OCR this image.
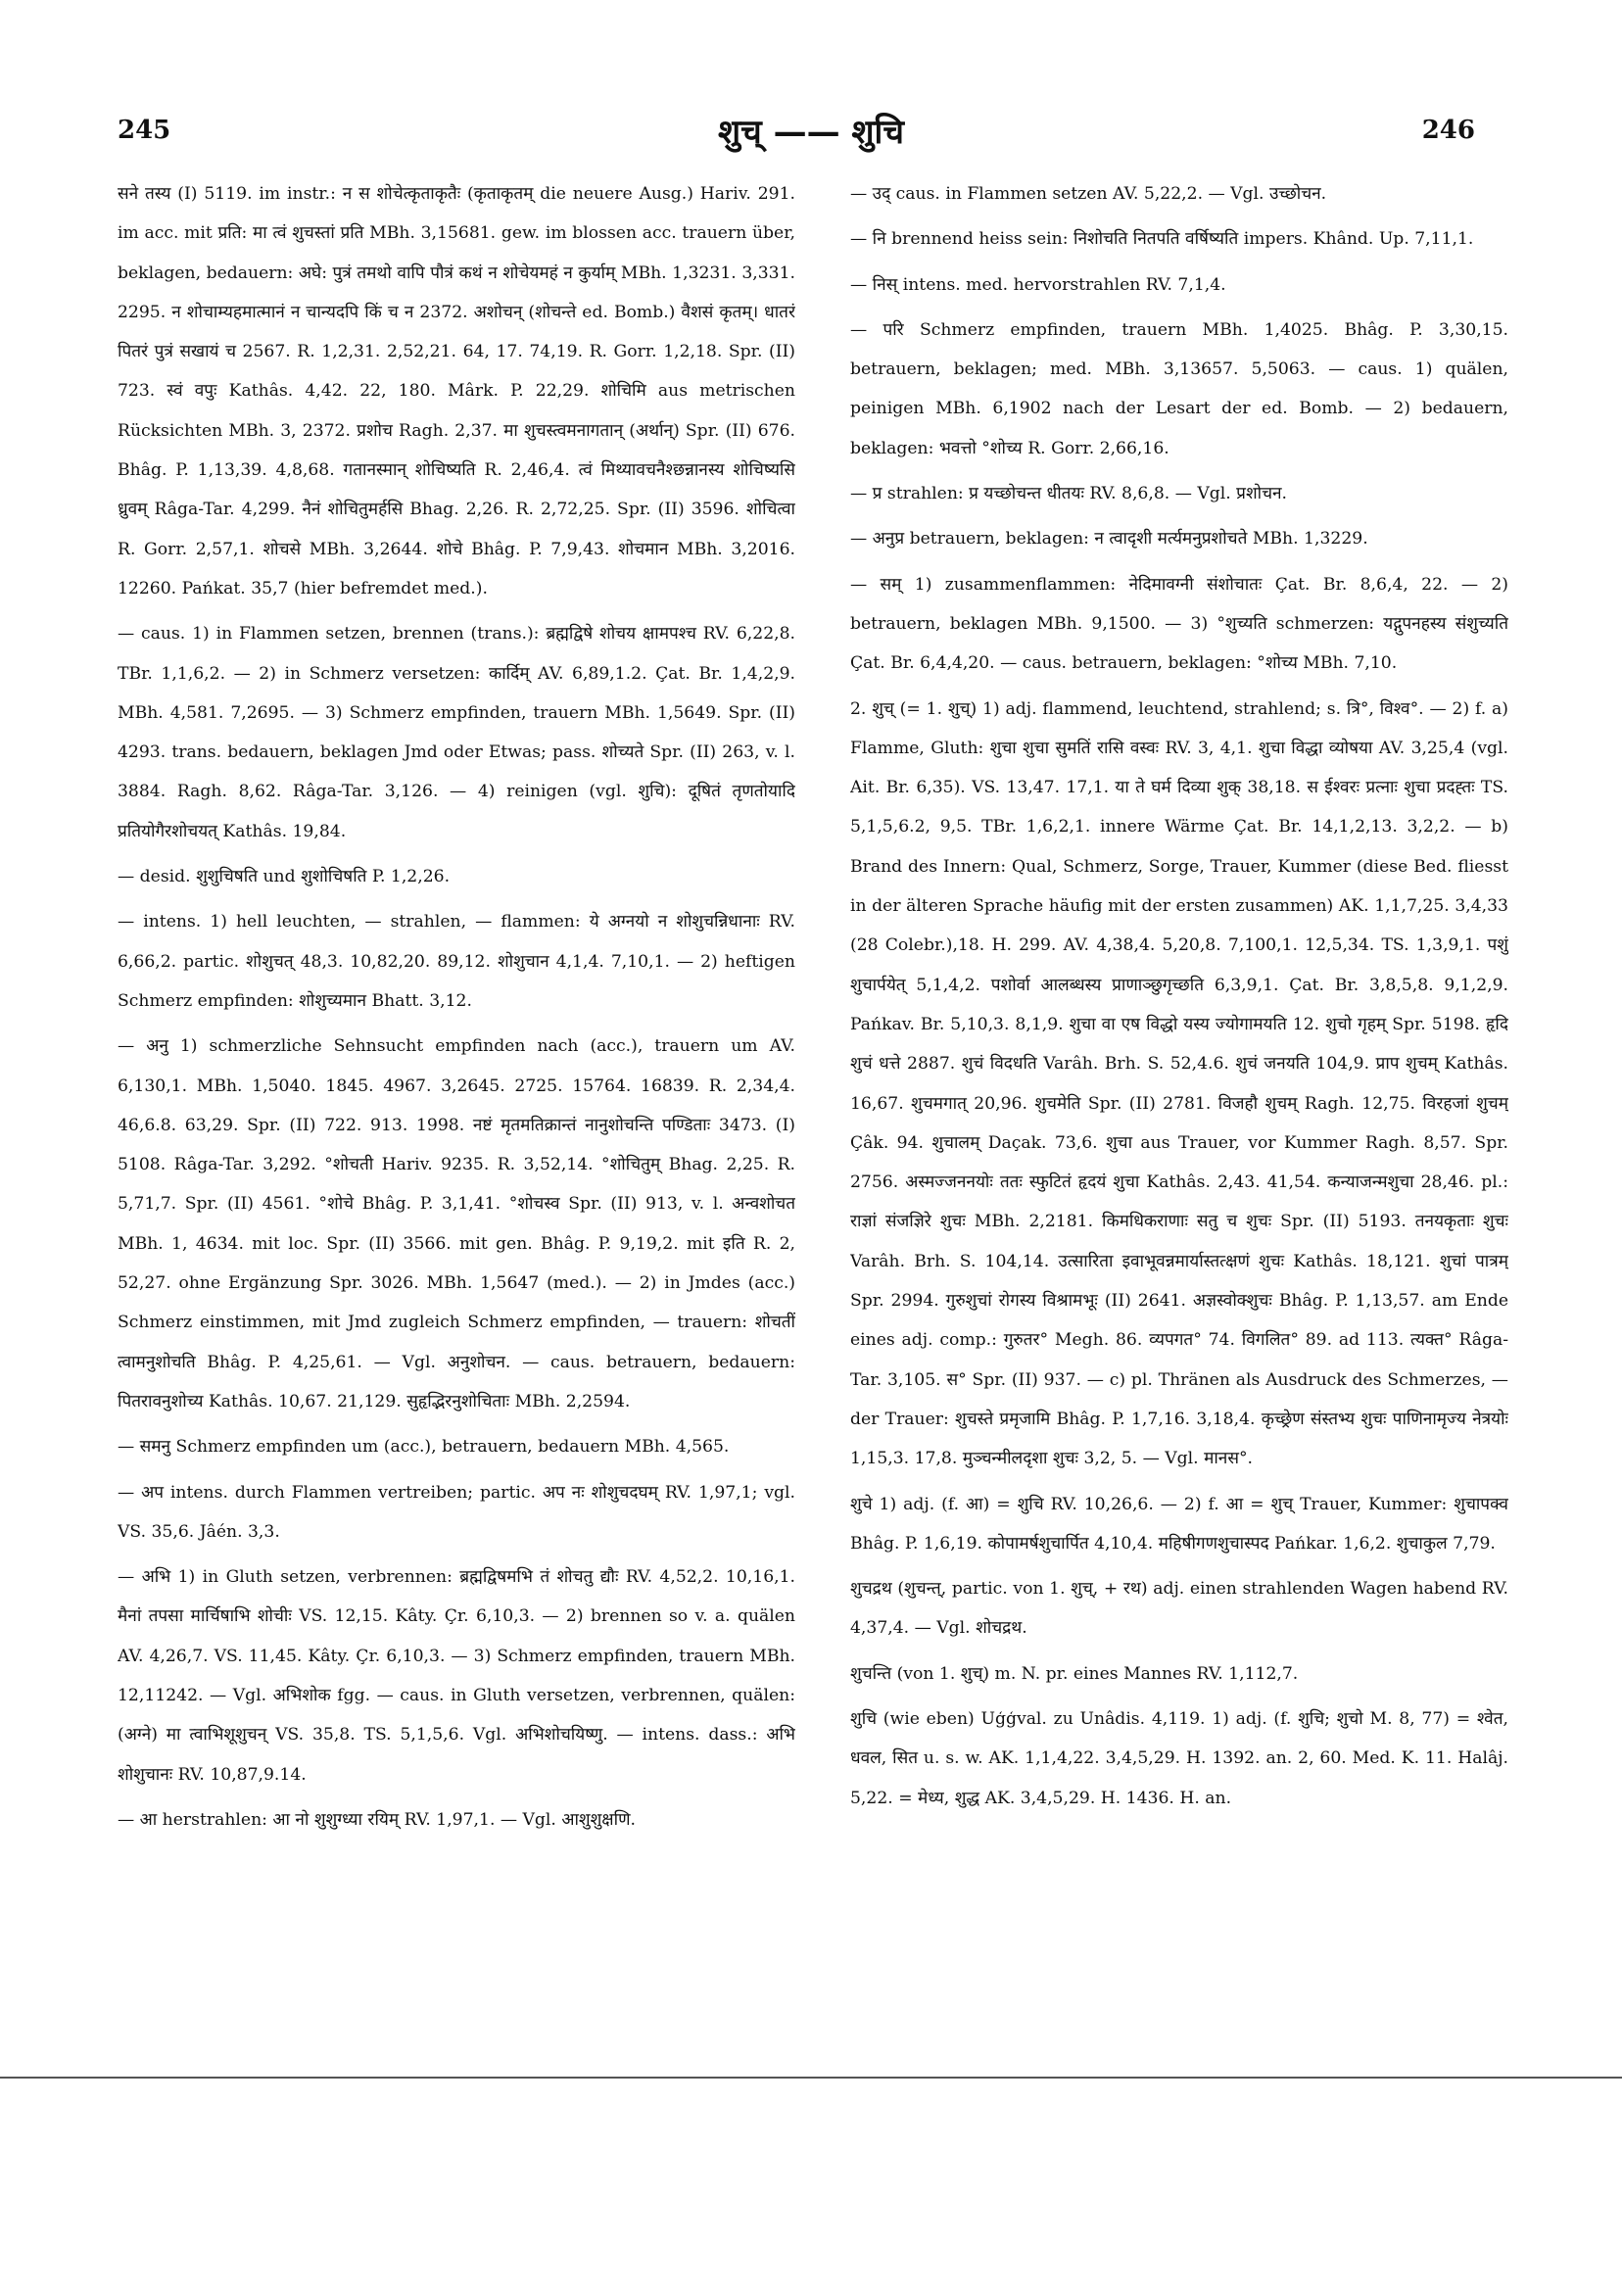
245	शुच् —— शुचि	246

सने तस्य (I) 5119. im instr.: न स शोचेत्कृताकृतैः (कृताकृतम् die neuere Ausg.) Hariv. 291. im acc. mit प्रति: मा त्वं शुचस्तां प्रति MBh. 3,15681. gew. im blossen acc. trauern über, beklagen, bedauern: अघे: पुत्रं तमथो वापि पौत्रं कथं न शोचेयमहं न कुर्याम् MBh. 1,3231. 3,331. 2295. न शोचाम्यहमात्मानं न चान्यदपि किं च न 2372. अशोचन् (शोचन्ते ed. Bomb.) वैशसं कृतम्। धातरं पितरं पुत्रं सखायं च 2567. R. 1,2,31. 2,52,21. 64, 17. 74,19. R. Gorr. 1,2,18. Spr. (II) 723. स्वं वपुः Kathâs. 4,42. 22, 180. Mârk. P. 22,29. शोचिमि aus metrischen Rücksichten MBh. 3, 2372. प्रशोच Ragh. 2,37. मा शुचस्त्वमनागतान् (अर्थान्) Spr. (II) 676. Bhâg. P. 1,13,39. 4,8,68. गतानस्मान् शोचिष्यति R. 2,46,4. त्वं मिथ्यावचनैश्छन्नानस्य शोचिष्यसि ध्रुवम् Râga-Tar. 4,299. नैनं शोचितुमर्हसि Bhag. 2,26. R. 2,72,25. Spr. (II) 3596. शोचित्वा R. Gorr. 2,57,1. शोचसे MBh. 3,2644. शोचे Bhâg. P. 7,9,43. शोचमान MBh. 3,2016. 12260. Pańkat. 35,7 (hier befremdet med.).

— caus. 1) in Flammen setzen, brennen (trans.): ब्रह्मद्विषे शोचय क्षामपश्च RV. 6,22,8. TBr. 1,1,6,2. — 2) in Schmerz versetzen: कार्दिम् AV. 6,89,1.2. Çat. Br. 1,4,2,9. MBh. 4,581. 7,2695. — 3) Schmerz empfinden, trauern MBh. 1,5649. Spr. (II) 4293. trans. bedauern, beklagen Jmd oder Etwas; pass. शोच्यते Spr. (II) 263, v. l. 3884. Ragh. 8,62. Râga-Tar. 3,126. — 4) reinigen (vgl. शुचि): दूषितं तृणतोयादि प्रतियोगैरशोचयत् Kathâs. 19,84.

— desid. शुशुचिषति und शुशोचिषति P. 1,2,26.

— intens. 1) hell leuchten, — strahlen, — flammen: ये अग्नयो न शोशुचन्निधानाः RV. 6,66,2. partic. शोशुचत् 48,3. 10,82,20. 89,12. शोशुचान 4,1,4. 7,10,1. — 2) heftigen Schmerz empfinden: शोशुच्यमान Bhatt. 3,12.

— अनु 1) schmerzliche Sehnsucht empfinden nach (acc.), trauern um AV. 6,130,1. MBh. 1,5040. 1845. 4967. 3,2645. 2725. 15764. 16839. R. 2,34,4. 46,6.8. 63,29. Spr. (II) 722. 913. 1998. नष्टं मृतमतिक्रान्तं नानुशोचन्ति पण्डिताः 3473. (I) 5108. Râga-Tar. 3,292. °शोचती Hariv. 9235. R. 3,52,14. °शोचितुम् Bhag. 2,25. R. 5,71,7. Spr. (II) 4561. °शोचे Bhâg. P. 3,1,41. °शोचस्व Spr. (II) 913, v. l. अन्वशोचत MBh. 1, 4634. mit loc. Spr. (II) 3566. mit gen. Bhâg. P. 9,19,2. mit इति R. 2, 52,27. ohne Ergänzung Spr. 3026. MBh. 1,5647 (med.). — 2) in Jmdes (acc.) Schmerz einstimmen, mit Jmd zugleich Schmerz empfinden, — trauern: शोचतीं त्वामनुशोचति Bhâg. P. 4,25,61. — Vgl. अनुशोचन. — caus. betrauern, bedauern: पितरावनुशोच्य Kathâs. 10,67. 21,129. सुहृद्भिरनुशोचिताः MBh. 2,2594.

— समनु Schmerz empfinden um (acc.), betrauern, bedauern MBh. 4,565.

— अप intens. durch Flammen vertreiben; partic. अप नः शोशुचदघम् RV. 1,97,1; vgl. VS. 35,6. Jâén. 3,3.

— अभि 1) in Gluth setzen, verbrennen: ब्रह्मद्विषमभि तं शोचतु द्यौः RV. 4,52,2. 10,16,1. मैनां तपसा मार्चिषाभि शोचीः VS. 12,15. Kâty. Çr. 6,10,3. — 2) brennen so v. a. quälen AV. 4,26,7. VS. 11,45. Kâty. Çr. 6,10,3. — 3) Schmerz empfinden, trauern MBh. 12,11242. — Vgl. अभिशोक fgg. — caus. in Gluth versetzen, verbrennen, quälen: (अग्ने) मा त्वाभिशूशुचन् VS. 35,8. TS. 5,1,5,6. Vgl. अभिशोचयिष्णु. — intens. dass.: अभि शोशुचानः RV. 10,87,9.14.

— आ herstrahlen: आ नो शुशुग्ध्या रयिम् RV. 1,97,1. — Vgl. आशुशुक्षणि.

— उद् caus. in Flammen setzen AV. 5,22,2. — Vgl. उच्छोचन.

— नि brennend heiss sein: निशोचति नितपति वर्षिष्यति impers. Khând. Up. 7,11,1.

— निस् intens. med. hervorstrahlen RV. 7,1,4.

— परि Schmerz empfinden, trauern MBh. 1,4025. Bhâg. P. 3,30,15. betrauern, beklagen; med. MBh. 3,13657. 5,5063. — caus. 1) quälen, peinigen MBh. 6,1902 nach der Lesart der ed. Bomb. — 2) bedauern, beklagen: भवत्तो °शोच्य R. Gorr. 2,66,16.

— प्र strahlen: प्र यच्छोचन्त धीतयः RV. 8,6,8. — Vgl. प्रशोचन.

— अनुप्र betrauern, beklagen: न त्वादृशी मर्त्यमनुप्रशोचते MBh. 1,3229.

— सम् 1) zusammenflammen: नेदिमावग्नी संशोचातः Çat. Br. 8,6,4, 22. — 2) betrauern, beklagen MBh. 9,1500. — 3) °शुच्यति schmerzen: यद्गुपनहस्य संशुच्यति Çat. Br. 6,4,4,20. — caus. betrauern, beklagen: °शोच्य MBh. 7,10.

2. शुच् (= 1. शुच्) 1) adj. flammend, leuchtend, strahlend; s. त्रि°, विश्व°. — 2) f. a) Flamme, Gluth: शुचा शुचा सुमतिं रासि वस्वः RV. 3, 4,1. शुचा विद्धा व्योषया AV. 3,25,4 (vgl. Ait. Br. 6,35). VS. 13,47. 17,1. या ते घर्म दिव्या शुक् 38,18. स ईश्वरः प्रत्नाः शुचा प्रदह्तः TS. 5,1,5,6.2, 9,5. TBr. 1,6,2,1. innere Wärme Çat. Br. 14,1,2,13. 3,2,2. — b) Brand des Innern: Qual, Schmerz, Sorge, Trauer, Kummer (diese Bed. fliesst in der älteren Sprache häufig mit der ersten zusammen) AK. 1,1,7,25. 3,4,33 (28 Colebr.),18. H. 299. AV. 4,38,4. 5,20,8. 7,100,1. 12,5,34. TS. 1,3,9,1. पशुं शुचार्पयेत् 5,1,4,2. पशोर्वा आलब्धस्य प्राणाञ्छुगृच्छति 6,3,9,1. Çat. Br. 3,8,5,8. 9,1,2,9. Pańkav. Br. 5,10,3. 8,1,9. शुचा वा एष विद्धो यस्य ज्योगामयति 12. शुचो गृहम् Spr. 5198. हृदि शुचं धत्ते 2887. शुचं विदधति Varâh. Brh. S. 52,4.6. शुचं जनयति 104,9. प्राप शुचम् Kathâs. 16,67. शुचमगात् 20,96. शुचमेति Spr. (II) 2781. विजहौ शुचम् Ragh. 12,75. विरहजां शुचम् Çâk. 94. शुचालम् Daçak. 73,6. शुचा aus Trauer, vor Kummer Ragh. 8,57. Spr. 2756. अस्मज्जननयोः ततः स्फुटितं हृदयं शुचा Kathâs. 2,43. 41,54. कन्याजन्मशुचा 28,46. pl.: राज्ञां संजज्ञिरे शुचः MBh. 2,2181. किमधिकराणाः सतु च शुचः Spr. (II) 5193. तनयकृताः शुचः Varâh. Brh. S. 104,14. उत्सारिता इवाभूवन्नमार्यास्तत्क्षणं शुचः Kathâs. 18,121. शुचां पात्रम् Spr. 2994. गुरुशुचां रोगस्य विश्रामभूः (II) 2641. अज्ञस्वोक्शुचः Bhâg. P. 1,13,57. am Ende eines adj. comp.: गुरुतर° Megh. 86. व्यपगत° 74. विगलित° 89. ad 113. त्यक्त° Râga-Tar. 3,105. स° Spr. (II) 937. — c) pl. Thränen als Ausdruck des Schmerzes, — der Trauer: शुचस्ते प्रमृजामि Bhâg. P. 1,7,16. 3,18,4. कृच्छ्रेण संस्तभ्य शुचः पाणिनामृज्य नेत्रयोः 1,15,3. 17,8. मुञ्चन्मीलदृशा शुचः 3,2, 5. — Vgl. मानस°.

शुचे 1) adj. (f. आ) = शुचि RV. 10,26,6. — 2) f. आ = शुच् Trauer, Kummer: शुचापक्व Bhâg. P. 1,6,19. कोपामर्षशुचार्पित 4,10,4. महिषीगणशुचास्पद Pańkar. 1,6,2. शुचाकुल 7,79.

शुचद्रथ (शुचन्त्, partic. von 1. शुच्, + रथ) adj. einen strahlenden Wagen habend RV. 4,37,4. — Vgl. शोचद्रथ.

शुचन्ति (von 1. शुच्) m. N. pr. eines Mannes RV. 1,112,7.

शुचि (wie eben) Uģģval. zu Unâdis. 4,119. 1) adj. (f. शुचि; शुचो M. 8, 77) = श्वेत, धवल, सित u. s. w. AK. 1,1,4,22. 3,4,5,29. H. 1392. an. 2, 60. Med. K. 11. Halâj. 5,22. = मेध्य, शुद्ध AK. 3,4,5,29. H. 1436. H. an.
